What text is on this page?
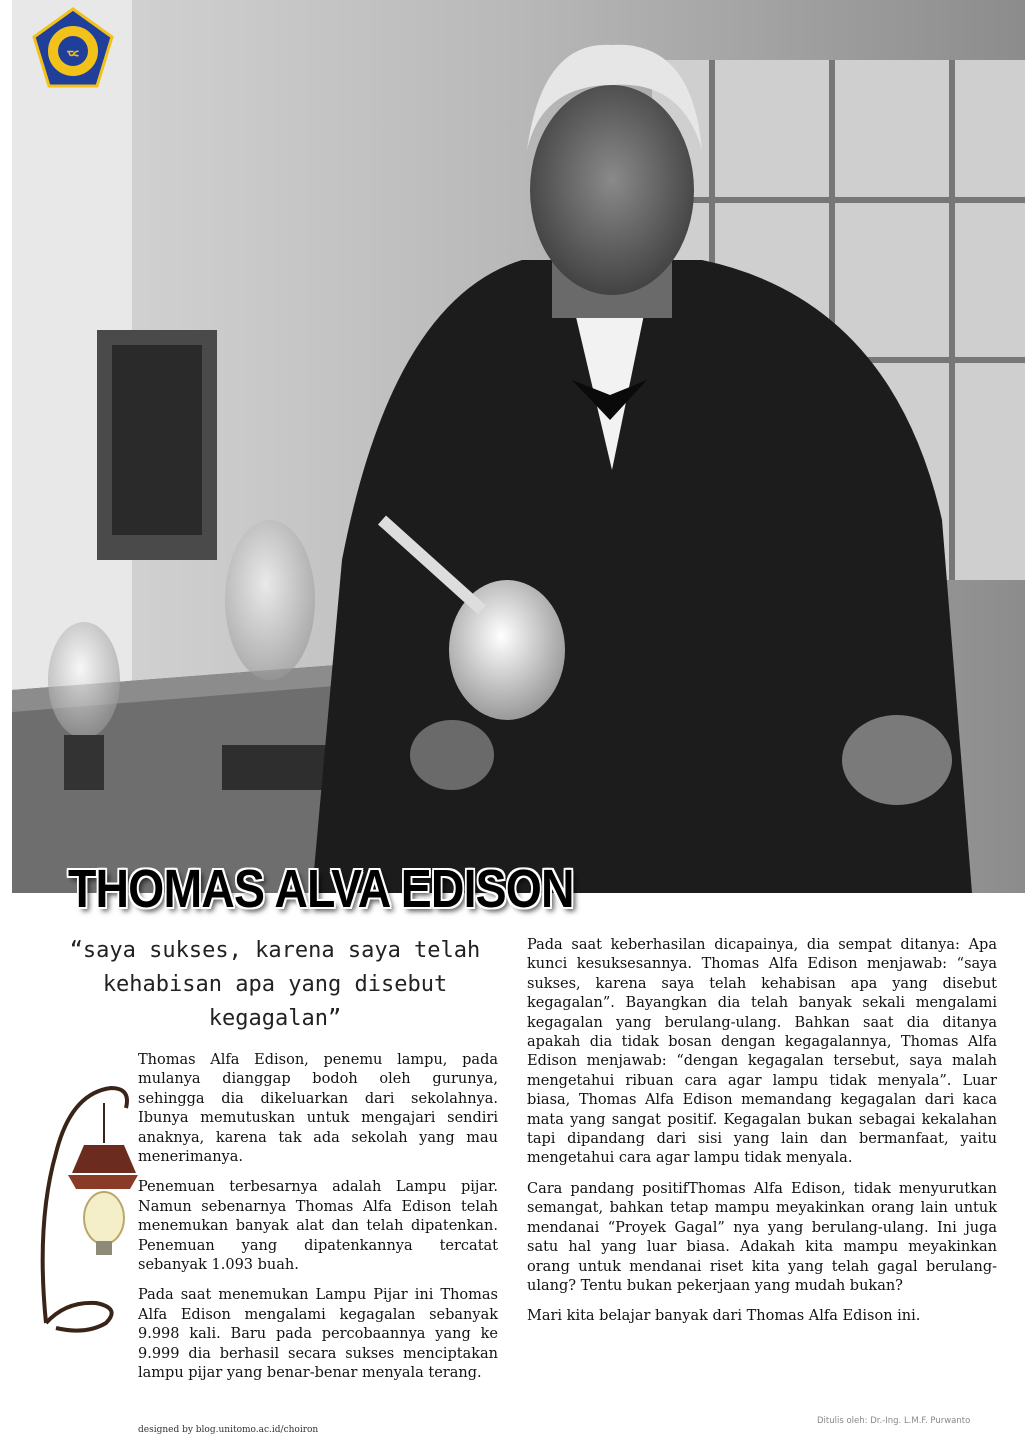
ᯔ
THOMAS ALVA EDISON
“saya sukses, karena saya telah kehabisan apa yang disebut kegagalan”

Thomas Alfa Edison, penemu lampu, pada mulanya dianggap bodoh oleh gurunya, sehingga dia dikeluarkan dari sekolahnya. Ibunya memutuskan untuk mengajari sendiri anaknya, karena tak ada sekolah yang mau menerimanya.

Penemuan terbesarnya adalah Lampu pijar. Namun sebenarnya Thomas Alfa Edison telah menemukan banyak alat dan telah dipatenkan. Penemuan yang dipatenkannya tercatat sebanyak 1.093 buah.

Pada saat menemukan Lampu Pijar ini Thomas Alfa Edison mengalami kegagalan sebanyak 9.998 kali. Baru pada percobaannya yang ke 9.999 dia berhasil secara sukses menciptakan lampu pijar yang benar-benar menyala terang.

Pada saat keberhasilan dicapainya, dia sempat ditanya: Apa kunci kesuksesannya. Thomas Alfa Edison menjawab: “saya sukses, karena saya telah kehabisan apa yang disebut kegagalan”. Bayangkan dia telah banyak sekali mengalami kegagalan yang berulang-ulang. Bahkan saat dia ditanya apakah dia tidak bosan dengan kegagalannya, Thomas Alfa Edison menjawab: “dengan kegagalan tersebut, saya malah mengetahui ribuan cara agar lampu tidak menyala”. Luar biasa, Thomas Alfa Edison memandang kegagalan dari kaca mata yang sangat positif. Kegagalan bukan sebagai kekalahan tapi dipandang dari sisi yang lain dan bermanfaat, yaitu mengetahui cara agar lampu tidak menyala.

Cara pandang positifThomas Alfa Edison, tidak menyurutkan semangat, bahkan tetap mampu meyakinkan orang lain untuk mendanai “Proyek Gagal” nya yang berulang-ulang. Ini juga satu hal yang luar biasa. Adakah kita mampu meyakinkan orang untuk mendanai riset kita yang telah gagal berulang-ulang? Tentu bukan pekerjaan yang mudah bukan?

Mari kita belajar banyak dari Thomas Alfa Edison ini.

designed by blog.unitomo.ac.id/choiron
Ditulis oleh: Dr.-Ing. L.M.F. Purwanto
